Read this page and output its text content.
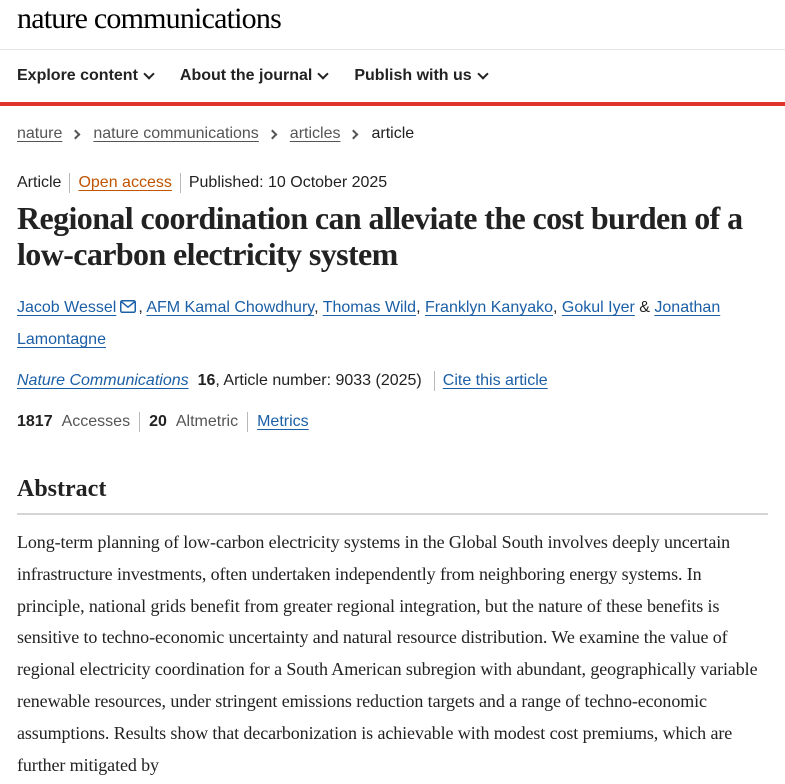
nature communications
Explore content	About the journal	Publish with us
nature nature communications articles article
Article Open access Published: 10 October 2025
Regional coordination can alleviate the cost burden of a low-carbon electricity system
Jacob Wessel , AFM Kamal Chowdhury, Thomas Wild, Franklyn Kanyako, Gokul Iyer & Jonathan Lamontagne
Nature Communications 16 , Article number: 9033 (2025) Cite this article
1817 Accesses 20 Altmetric Metrics
Abstract

Long-term planning of low-carbon electricity systems in the Global South involves deeply uncertain infrastructure investments, often undertaken independently from neighboring energy systems. In principle, national grids benefit from greater regional integration, but the nature of these benefits is sensitive to techno-economic uncertainty and natural resource distribution. We examine the value of regional electricity coordination for a South American subregion with abundant, geographically variable renewable resources, under stringent emissions reduction targets and a range of techno-economic assumptions. Results show that decarbonization is achievable with modest cost premiums, which are further mitigated by
